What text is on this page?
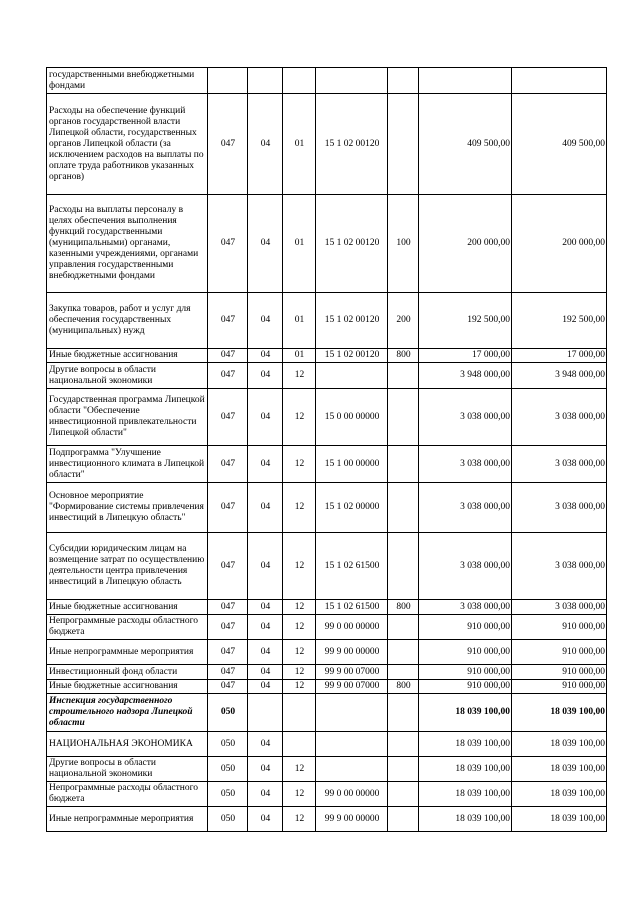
государственными внебюджетными фондами							
Расходы на обеспечение функций органов государственной власти Липецкой области, государственных органов Липецкой области (за исключением расходов на выплаты по оплате труда работников указанных органов)	047	04	01	15 1 02 00120		409 500,00	409 500,00
Расходы на выплаты персоналу в целях обеспечения выполнения функций государственными (муниципальными) органами, казенными учреждениями, органами управления государственными внебюджетными фондами	047	04	01	15 1 02 00120	100	200 000,00	200 000,00
Закупка товаров, работ и услуг для обеспечения государственных (муниципальных) нужд	047	04	01	15 1 02 00120	200	192 500,00	192 500,00
Иные бюджетные ассигнования	047	04	01	15 1 02 00120	800	17 000,00	17 000,00
Другие вопросы в области национальной экономики	047	04	12			3 948 000,00	3 948 000,00
Государственная программа Липецкой области "Обеспечение инвестиционной привлекательности Липецкой области"	047	04	12	15 0 00 00000		3 038 000,00	3 038 000,00
Подпрограмма "Улучшение инвестиционного климата в Липецкой области"	047	04	12	15 1 00 00000		3 038 000,00	3 038 000,00
Основное мероприятие "Формирование системы привлечения инвестиций в Липецкую область"	047	04	12	15 1 02 00000		3 038 000,00	3 038 000,00
Субсидии юридическим лицам на возмещение затрат по осуществлению деятельности центра привлечения инвестиций в Липецкую область	047	04	12	15 1 02 61500		3 038 000,00	3 038 000,00
Иные бюджетные ассигнования	047	04	12	15 1 02 61500	800	3 038 000,00	3 038 000,00
Непрограммные расходы областного бюджета	047	04	12	99 0 00 00000		910 000,00	910 000,00
Иные непрограммные мероприятия	047	04	12	99 9 00 00000		910 000,00	910 000,00
Инвестиционный фонд области	047	04	12	99 9 00 07000		910 000,00	910 000,00
Иные бюджетные ассигнования	047	04	12	99 9 00 07000	800	910 000,00	910 000,00
Инспекция государственного строительного надзора Липецкой области	050					18 039 100,00	18 039 100,00
НАЦИОНАЛЬНАЯ ЭКОНОМИКА	050	04				18 039 100,00	18 039 100,00
Другие вопросы в области национальной экономики	050	04	12			18 039 100,00	18 039 100,00
Непрограммные расходы областного бюджета	050	04	12	99 0 00 00000		18 039 100,00	18 039 100,00
Иные непрограммные мероприятия	050	04	12	99 9 00 00000		18 039 100,00	18 039 100,00
